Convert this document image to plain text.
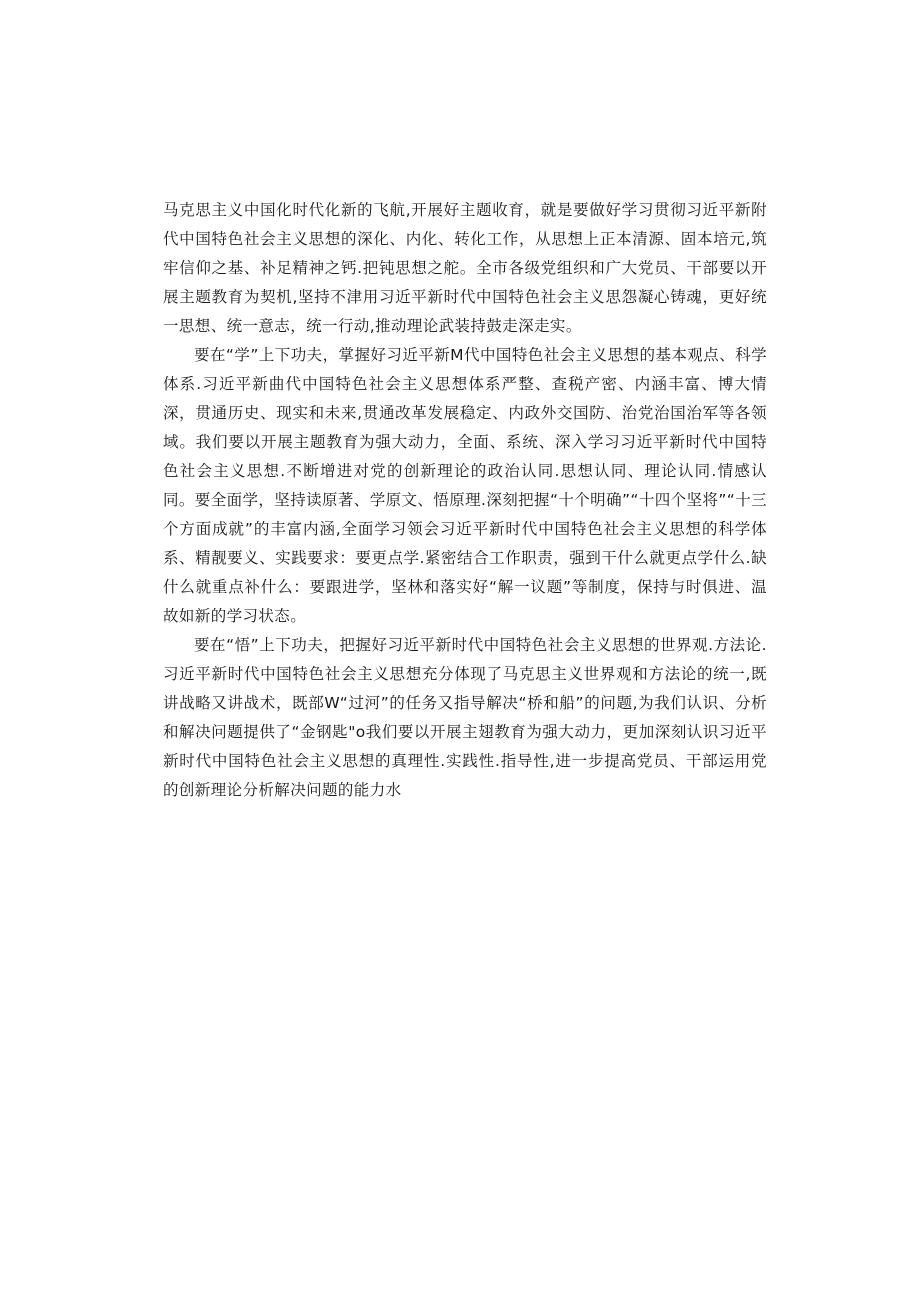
马克思主义中国化时代化新的飞航,开展好主题收育，就是要做好学习贯彻习近平新附代中国特色社会主义思想的深化、内化、转化工作，从思想上正本清源、固本培元,筑牢信仰之基、补足精神之钙.把钝思想之舵。全市各级党组织和广大党员、干部要以开展主题教育为契机,坚持不津用习近平新时代中国特色社会主义思怨凝心铸魂，更好统一思想、统一意志，统一行动,推动理论武装持鼓走深走实。

要在“学”上下功夫，掌握好习近平新M代中国特色社会主义思想的基本观点、科学体系.习近平新曲代中国特色社会主义思想体系严整、查税产密、内涵丰富、博大情深，贯通历史、现实和未来,贯通改革发展稳定、内政外交国防、治党治国治军等各领域。我们要以开展主题教育为强大动力，全面、系统、深入学习习近平新时代中国特色社会主义思想.不断增进对党的创新理论的政治认同.思想认同、理论认同.情感认同。要全面学，坚持读原著、学原文、悟原理.深刻把握“十个明确”“十四个坚将”“十三个方面成就”的丰富内涵,全面学习领会习近平新时代中国特色社会主义思想的科学体系、精靓要义、实践要求：要更点学.紧密结合工作职责，强到干什么就更点学什么.缺什么就重点补什么：要跟进学，坚林和落实好“解一议题”等制度，保持与时俱进、温故如新的学习状态。

要在“悟”上下功夫，把握好习近平新时代中国特色社会主义思想的世界观.方法论.习近平新时代中国特色社会主义思想充分体现了马克思主义世界观和方法论的统一,既讲战略又讲战术，既部W“过河”的任务又指导解决“桥和船”的问题,为我们认识、分析和解决问题提供了“金钢匙"o我们要以开展主翅教育为强大动力，更加深刻认识习近平新时代中国特色社会主义思想的真理性.实践性.指导性,进一步提高党员、干部运用党的创新理论分析解决问题的能力水
